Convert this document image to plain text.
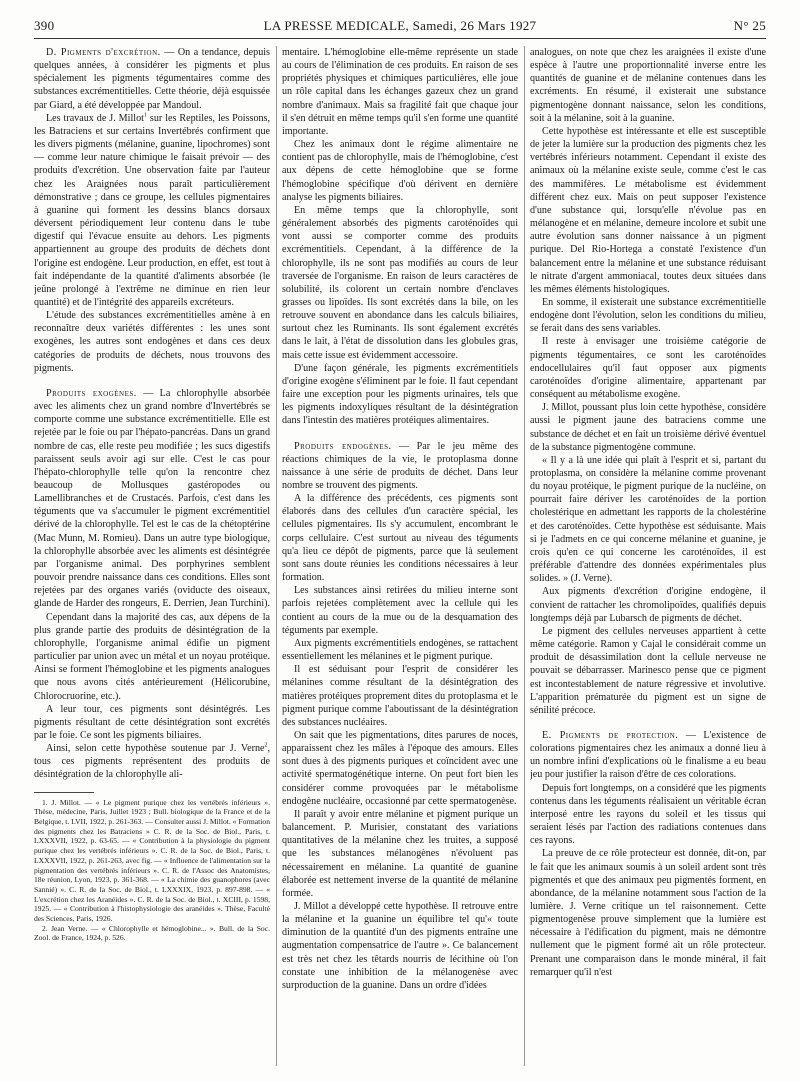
390	LA PRESSE MEDICALE, Samedi, 26 Mars 1927	N° 25

D. Pigments d'excrétion. — On a tendance, depuis quelques années, à considérer les pigments et plus spécialement les pigments tégumentaires comme des substances excrémentitielles. Cette théorie, déjà esquissée par Giard, a été développée par Mandoul.

Les travaux de J. Millot$^1$ sur les Reptiles, les Poissons, les Batraciens et sur certains Invertébrés confirment que les divers pigments (mélanine, guanine, lipochromes) sont — comme leur nature chimique le faisait prévoir — des produits d'excrétion. Une observation faite par l'auteur chez les Araignées nous paraît particulièrement démonstrative ; dans ce groupe, les cellules pigmentaires à guanine qui forment les dessins blancs dorsaux déversent périodiquement leur contenu dans le tube digestif qui l'évacue ensuite au dehors. Les pigments appartiennent au groupe des produits de déchets dont l'origine est endogène. Leur production, en effet, est tout à fait indépendante de la quantité d'aliments absorbée (le jeûne prolongé à l'extrême ne diminue en rien leur quantité) et de l'intégrité des appareils excréteurs.

L'étude des substances excrémentitielles amène à en reconnaître deux variétés différentes : les unes sont exogènes, les autres sont endogènes et dans ces deux catégories de produits de déchets, nous trouvons des pigments.

Produits exogènes. — La chlorophylle absorbée avec les aliments chez un grand nombre d'Invertébrés se comporte comme une substance excrémentitielle. Elle est rejetée par le foie ou par l'hépato-pancréas. Dans un grand nombre de cas, elle reste peu modifiée ; les sucs digestifs paraissent seuls avoir agi sur elle. C'est le cas pour l'hépato-chlorophylle telle qu'on la rencontre chez beaucoup de Mollusques gastéropodes ou Lamellibranches et de Crustacés. Parfois, c'est dans les téguments que va s'accumuler le pigment excrémentitiel dérivé de la chlorophylle. Tel est le cas de la chétoptérine (Mac Munn, M. Romieu). Dans un autre type biologique, la chlorophylle absorbée avec les aliments est désintégrée par l'organisme animal. Des porphyrines semblent pouvoir prendre naissance dans ces conditions. Elles sont rejetées par des organes variés (oviducte des oiseaux, glande de Harder des rongeurs, E. Derrien, Jean Turchini).

Cependant dans la majorité des cas, aux dépens de la plus grande partie des produits de désintégration de la chlorophylle, l'organisme animal édifie un pigment particulier par union avec un métal et un noyau protéique. Ainsi se forment l'hémoglobine et les pigments analogues que nous avons cités antérieurement (Hélicorubine, Chlorocruorine, etc.).

A leur tour, ces pigments sont désintégrés. Les pigments résultant de cette désintégration sont excrétés par le foie. Ce sont les pigments biliaires.

Ainsi, selon cette hypothèse soutenue par J. Verne$^2$, tous ces pigments représentent des produits de désintégration de la chlorophylle ali-

1. J. Millot. — « Le pigment purique chez les vertébrés inférieurs ». Thèse, médecine, Paris, Juillet 1923 ; Bull. biologique de la France et de la Belgique, t. LVII, 1922, p. 261-363. — Consulter aussi J. Millot. « Formation des pigments chez les Batraciens » C. R. de la Soc. de Biol., Paris, t. LXXXVII, 1922, p. 63-65. — « Contribution à la physiologie du pigment purique chez les vertébrés inférieurs ». C. R. de la Soc. de Biol., Paris, t. LXXXVII, 1922, p. 261-263, avec fig. — « Influence de l'alimentation sur la pigmentation des vertébrés inférieurs ». C. R. de l'Assoc des Anatomistes, 18e réunion, Lyon, 1923, p. 361-368. — « La chimie des guanophores (avec Sannié) ». C. R. de la Soc. de Biol., t. LXXXIX, 1923, p. 897-898. — « L'excrétion chez les Aranéides ». C. R. de la Soc. de Biol., t. XCIII, p. 1598, 1925. — « Contribution à l'histophysiologie des aranéides ». Thèse, Faculté des Sciences, Paris, 1926.

2. Jean Verne. — « Chlorophylle et hémoglobine... ». Bull. de la Soc. Zool. de France, 1924, p. 526.

mentaire. L'hémoglobine elle-même représente un stade au cours de l'élimination de ces produits. En raison de ses propriétés physiques et chimiques particulières, elle joue un rôle capital dans les échanges gazeux chez un grand nombre d'animaux. Mais sa fragilité fait que chaque jour il s'en détruit en même temps qu'il s'en forme une quantité importante.

Chez les animaux dont le régime alimentaire ne contient pas de chlorophylle, mais de l'hémoglobine, c'est aux dépens de cette hémoglobine que se forme l'hémoglobine spécifique d'où dérivent en dernière analyse les pigments biliaires.

En même temps que la chlorophylle, sont généralement absorbés des pigments caroténoïdes qui vont aussi se comporter comme des produits excrémentitiels. Cependant, à la différence de la chlorophylle, ils ne sont pas modifiés au cours de leur traversée de l'organisme. En raison de leurs caractères de solubilité, ils colorent un certain nombre d'enclaves grasses ou lipoïdes. Ils sont excrétés dans la bile, on les retrouve souvent en abondance dans les calculs biliaires, surtout chez les Ruminants. Ils sont également excrétés dans le lait, à l'état de dissolution dans les globules gras, mais cette issue est évidemment accessoire.

D'une façon générale, les pigments excrémentitiels d'origine exogène s'éliminent par le foie. Il faut cependant faire une exception pour les pigments urinaires, tels que les pigments indoxyliques résultant de la désintégration dans l'intestin des matières protéiques alimentaires.

Produits endogènes. — Par le jeu même des réactions chimiques de la vie, le protoplasma donne naissance à une série de produits de déchet. Dans leur nombre se trouvent des pigments.

A la différence des précédents, ces pigments sont élaborés dans des cellules d'un caractère spécial, les cellules pigmentaires. Ils s'y accumulent, encombrant le corps cellulaire. C'est surtout au niveau des téguments qu'a lieu ce dépôt de pigments, parce que là seulement sont sans doute réunies les conditions nécessaires à leur formation.

Les substances ainsi retirées du milieu interne sont parfois rejetées complètement avec la cellule qui les contient au cours de la mue ou de la desquamation des téguments par exemple.

Aux pigments excrémentitiels endogènes, se rattachent essentiellement les mélanines et le pigment purique.

Il est séduisant pour l'esprit de considérer les mélanines comme résultant de la désintégration des matières protéiques proprement dites du protoplasma et le pigment purique comme l'aboutissant de la désintégration des substances nucléaires.

On sait que les pigmentations, dites parures de noces, apparaissent chez les mâles à l'époque des amours. Elles sont dues à des pigments puriques et coïncident avec une activité spermatogénétique interne. On peut fort bien les considérer comme provoquées par le métabolisme endogène nucléaire, occasionné par cette spermatogenèse.

Il paraît y avoir entre mélanine et pigment purique un balancement. P. Murisier, constatant des variations quantitatives de la mélanine chez les truites, a supposé que les substances mélanogènes n'évoluent pas nécessairement en mélanine. La quantité de guanine élaborée est nettement inverse de la quantité de mélanine formée.

J. Millot a développé cette hypothèse. Il retrouve entre la mélanine et la guanine un équilibre tel qu'« toute diminution de la quantité d'un des pigments entraîne une augmentation compensatrice de l'autre ». Ce balancement est très net chez les têtards nourris de lécithine où l'on constate une inhibition de la mélanogenèse avec surproduction de la guanine. Dans un ordre d'idées

analogues, on note que chez les araignées il existe d'une espèce à l'autre une proportionnalité inverse entre les quantités de guanine et de mélanine contenues dans les excréments. En résumé, il existerait une substance pigmentogène donnant naissance, selon les conditions, soit à la mélanine, soit à la guanine.

Cette hypothèse est intéressante et elle est susceptible de jeter la lumière sur la production des pigments chez les vertébrés inférieurs notamment. Cependant il existe des animaux où la mélanine existe seule, comme c'est le cas des mammifères. Le métabolisme est évidemment différent chez eux. Mais on peut supposer l'existence d'une substance qui, lorsqu'elle n'évolue pas en mélanogène et en mélanine, demeure incolore et subit une autre évolution sans donner naissance à un pigment purique. Del Rio-Hortega a constaté l'existence d'un balancement entre la mélanine et une substance réduisant le nitrate d'argent ammoniacal, toutes deux situées dans les mêmes éléments histologiques.

En somme, il existerait une substance excrémentitielle endogène dont l'évolution, selon les conditions du milieu, se ferait dans des sens variables.

Il reste à envisager une troisième catégorie de pigments tégumentaires, ce sont les caroténoïdes endocellulaires qu'il faut opposer aux pigments caroténoïdes d'origine alimentaire, appartenant par conséquent au métabolisme exogène.

J. Millot, poussant plus loin cette hypothèse, considère aussi le pigment jaune des batraciens comme une substance de déchet et en fait un troisième dérivé éventuel de la substance pigmentogène commune.

« Il y a là une idée qui plaît à l'esprit et si, partant du protoplasma, on considère la mélanine comme provenant du noyau protéique, le pigment purique de la nucléine, on pourrait faire dériver les caroténoïdes de la portion cholestérique en admettant les rapports de la cholestérine et des caroténoïdes. Cette hypothèse est séduisante. Mais si je l'admets en ce qui concerne mélanine et guanine, je crois qu'en ce qui concerne les caroténoïdes, il est préférable d'attendre des données expérimentales plus solides. » (J. Verne).

Aux pigments d'excrétion d'origine endogène, il convient de rattacher les chromolipoïdes, qualifiés depuis longtemps déjà par Lubarsch de pigments de déchet.

Le pigment des cellules nerveuses appartient à cette même catégorie. Ramon y Cajal le considérait comme un produit de désassimilation dont la cellule nerveuse ne pouvait se débarrasser. Marinesco pense que ce pigment est incontestablement de nature régressive et involutive. L'apparition prématurée du pigment est un signe de sénilité précoce.

E. Pigments de protection. — L'existence de colorations pigmentaires chez les animaux a donné lieu à un nombre infini d'explications où le finalisme a eu beau jeu pour justifier la raison d'être de ces colorations.

Depuis fort longtemps, on a considéré que les pigments contenus dans les téguments réalisaient un véritable écran interposé entre les rayons du soleil et les tissus qui seraient lésés par l'action des radiations contenues dans ces rayons.

La preuve de ce rôle protecteur est donnée, dit-on, par le fait que les animaux soumis à un soleil ardent sont très pigmentés et que des animaux peu pigmentés forment, en abondance, de la mélanine notamment sous l'action de la lumière. J. Verne critique un tel raisonnement. Cette pigmentogenèse prouve simplement que la lumière est nécessaire à l'édification du pigment, mais ne démontre nullement que le pigment formé ait un rôle protecteur. Prenant une comparaison dans le monde minéral, il fait remarquer qu'il n'est
